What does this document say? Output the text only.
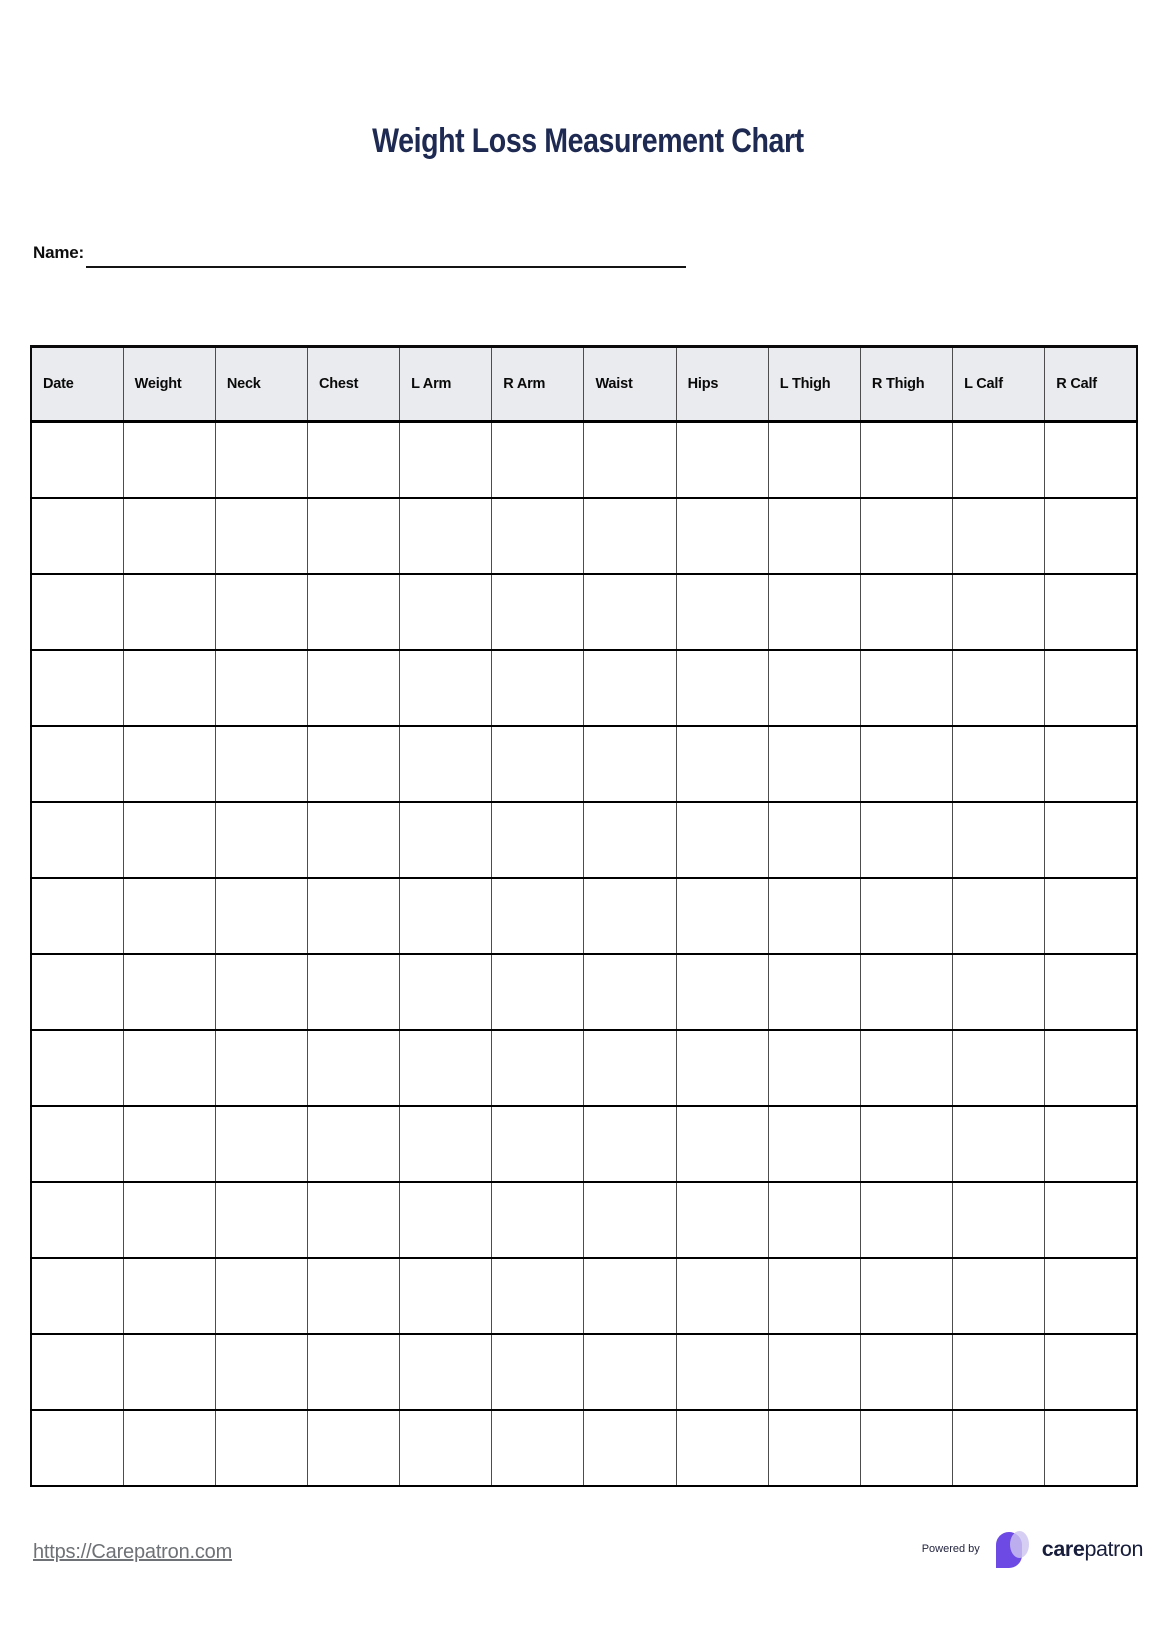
Weight Loss Measurement Chart
Name:
Date	Weight	Neck	Chest	L Arm	R Arm	Waist	Hips	L Thigh	R Thigh	L Calf	R Calf

https://Carepatron.com	Powered by	carepatron
